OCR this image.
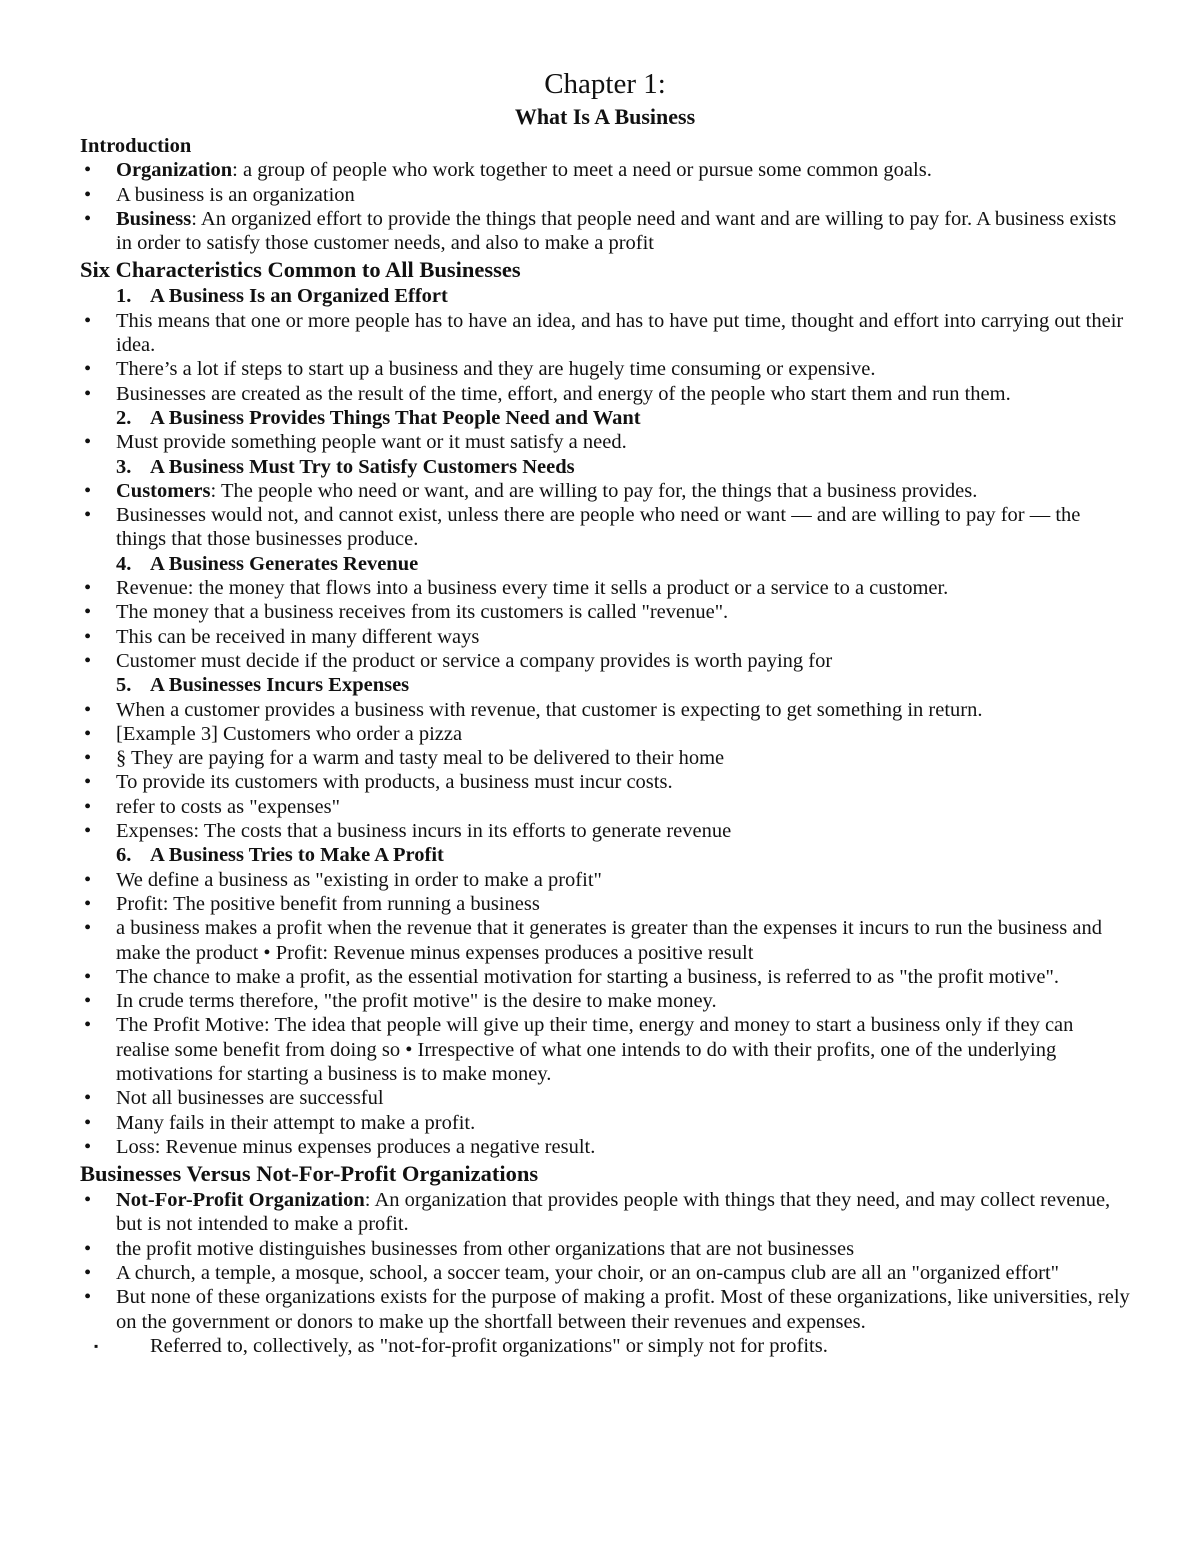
Chapter 1:
What Is A Business
Introduction
• Organization: a group of people who work together to meet a need or pursue some common goals.
• A business is an organization
• Business: An organized effort to provide the things that people need and want and are willing to pay for. A business exists in order to satisfy those customer needs, and also to make a profit
Six Characteristics Common to All Businesses
1. A Business Is an Organized Effort
• This means that one or more people has to have an idea, and has to have put time, thought and effort into carrying out their idea.
• There’s a lot if steps to start up a business and they are hugely time consuming or expensive.
• Businesses are created as the result of the time, effort, and energy of the people who start them and run them.
2. A Business Provides Things That People Need and Want
• Must provide something people want or it must satisfy a need.
3. A Business Must Try to Satisfy Customers Needs
• Customers: The people who need or want, and are willing to pay for, the things that a business provides.
• Businesses would not, and cannot exist, unless there are people who need or want — and are willing to pay for — the things that those businesses produce.
4. A Business Generates Revenue
• Revenue: the money that flows into a business every time it sells a product or a service to a customer.
• The money that a business receives from its customers is called "revenue".
• This can be received in many different ways
• Customer must decide if the product or service a company provides is worth paying for
5. A Businesses Incurs Expenses
• When a customer provides a business with revenue, that customer is expecting to get something in return.
• [Example 3] Customers who order a pizza
• § They are paying for a warm and tasty meal to be delivered to their home
• To provide its customers with products, a business must incur costs.
• refer to costs as "expenses"
• Expenses: The costs that a business incurs in its efforts to generate revenue
6. A Business Tries to Make A Profit
• We define a business as "existing in order to make a profit"
• Profit: The positive benefit from running a business
• a business makes a profit when the revenue that it generates is greater than the expenses it incurs to run the business and make the product • Profit: Revenue minus expenses produces a positive result
• The chance to make a profit, as the essential motivation for starting a business, is referred to as "the profit motive".
• In crude terms therefore, "the profit motive" is the desire to make money.
• The Profit Motive: The idea that people will give up their time, energy and money to start a business only if they can realise some benefit from doing so • Irrespective of what one intends to do with their profits, one of the underlying motivations for starting a business is to make money.
• Not all businesses are successful
• Many fails in their attempt to make a profit.
• Loss: Revenue minus expenses produces a negative result.
Businesses Versus Not-For-Profit Organizations
• Not-For-Profit Organization: An organization that provides people with things that they need, and may collect revenue, but is not intended to make a profit.
• the profit motive distinguishes businesses from other organizations that are not businesses
• A church, a temple, a mosque, school, a soccer team, your choir, or an on-campus club are all an "organized effort"
• But none of these organizations exists for the purpose of making a profit. Most of these organizations, like universities, rely on the government or donors to make up the shortfall between their revenues and expenses.
▪ Referred to, collectively, as "not-for-profit organizations" or simply not for profits.
